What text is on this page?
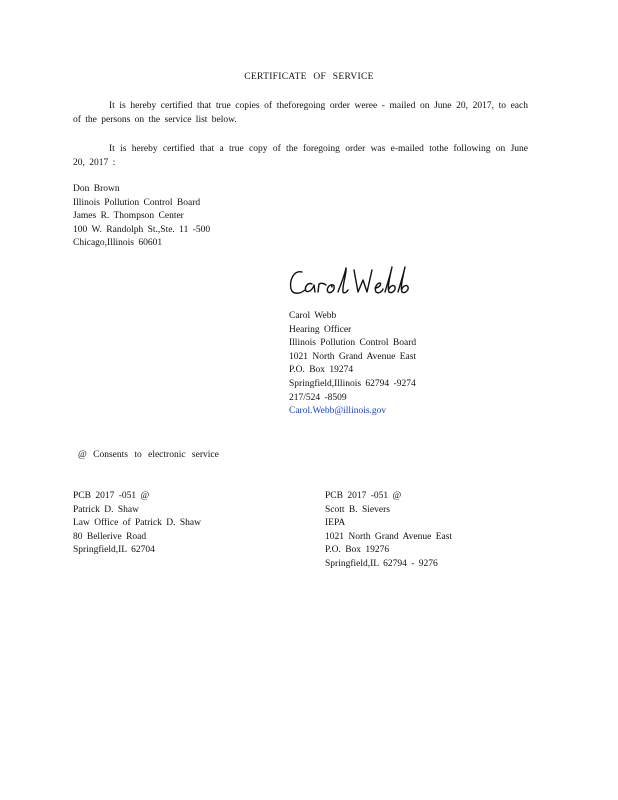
CERTIFICATE OF SERVICE
It is hereby certified that true copies of theforegoing order weree - mailed on June 20, 2017, to each of the persons on the service list below.
It is hereby certified that a true copy of the foregoing order was e-mailed tothe following on June 20, 2017 :
Don Brown
Illinois Pollution Control Board
James R. Thompson Center
100 W. Randolph St.,Ste. 11 -500
Chicago,Illinois 60601
Carol Webb
Hearing Officer
Illinois Pollution Control Board
1021 North Grand Avenue East
P.O. Box 19274
Springfield,Illinois 62794 -9274
217/524 -8509
Carol.Webb@illinois.gov
@ Consents to electronic service
PCB 2017 -051 @
Patrick D. Shaw
Law Office of Patrick D. Shaw
80 Bellerive Road
Springfield,IL 62704
PCB 2017 -051 @
Scott B. Sievers
IEPA
1021 North Grand Avenue East
P.O. Box 19276
Springfield,IL 62794 - 9276
